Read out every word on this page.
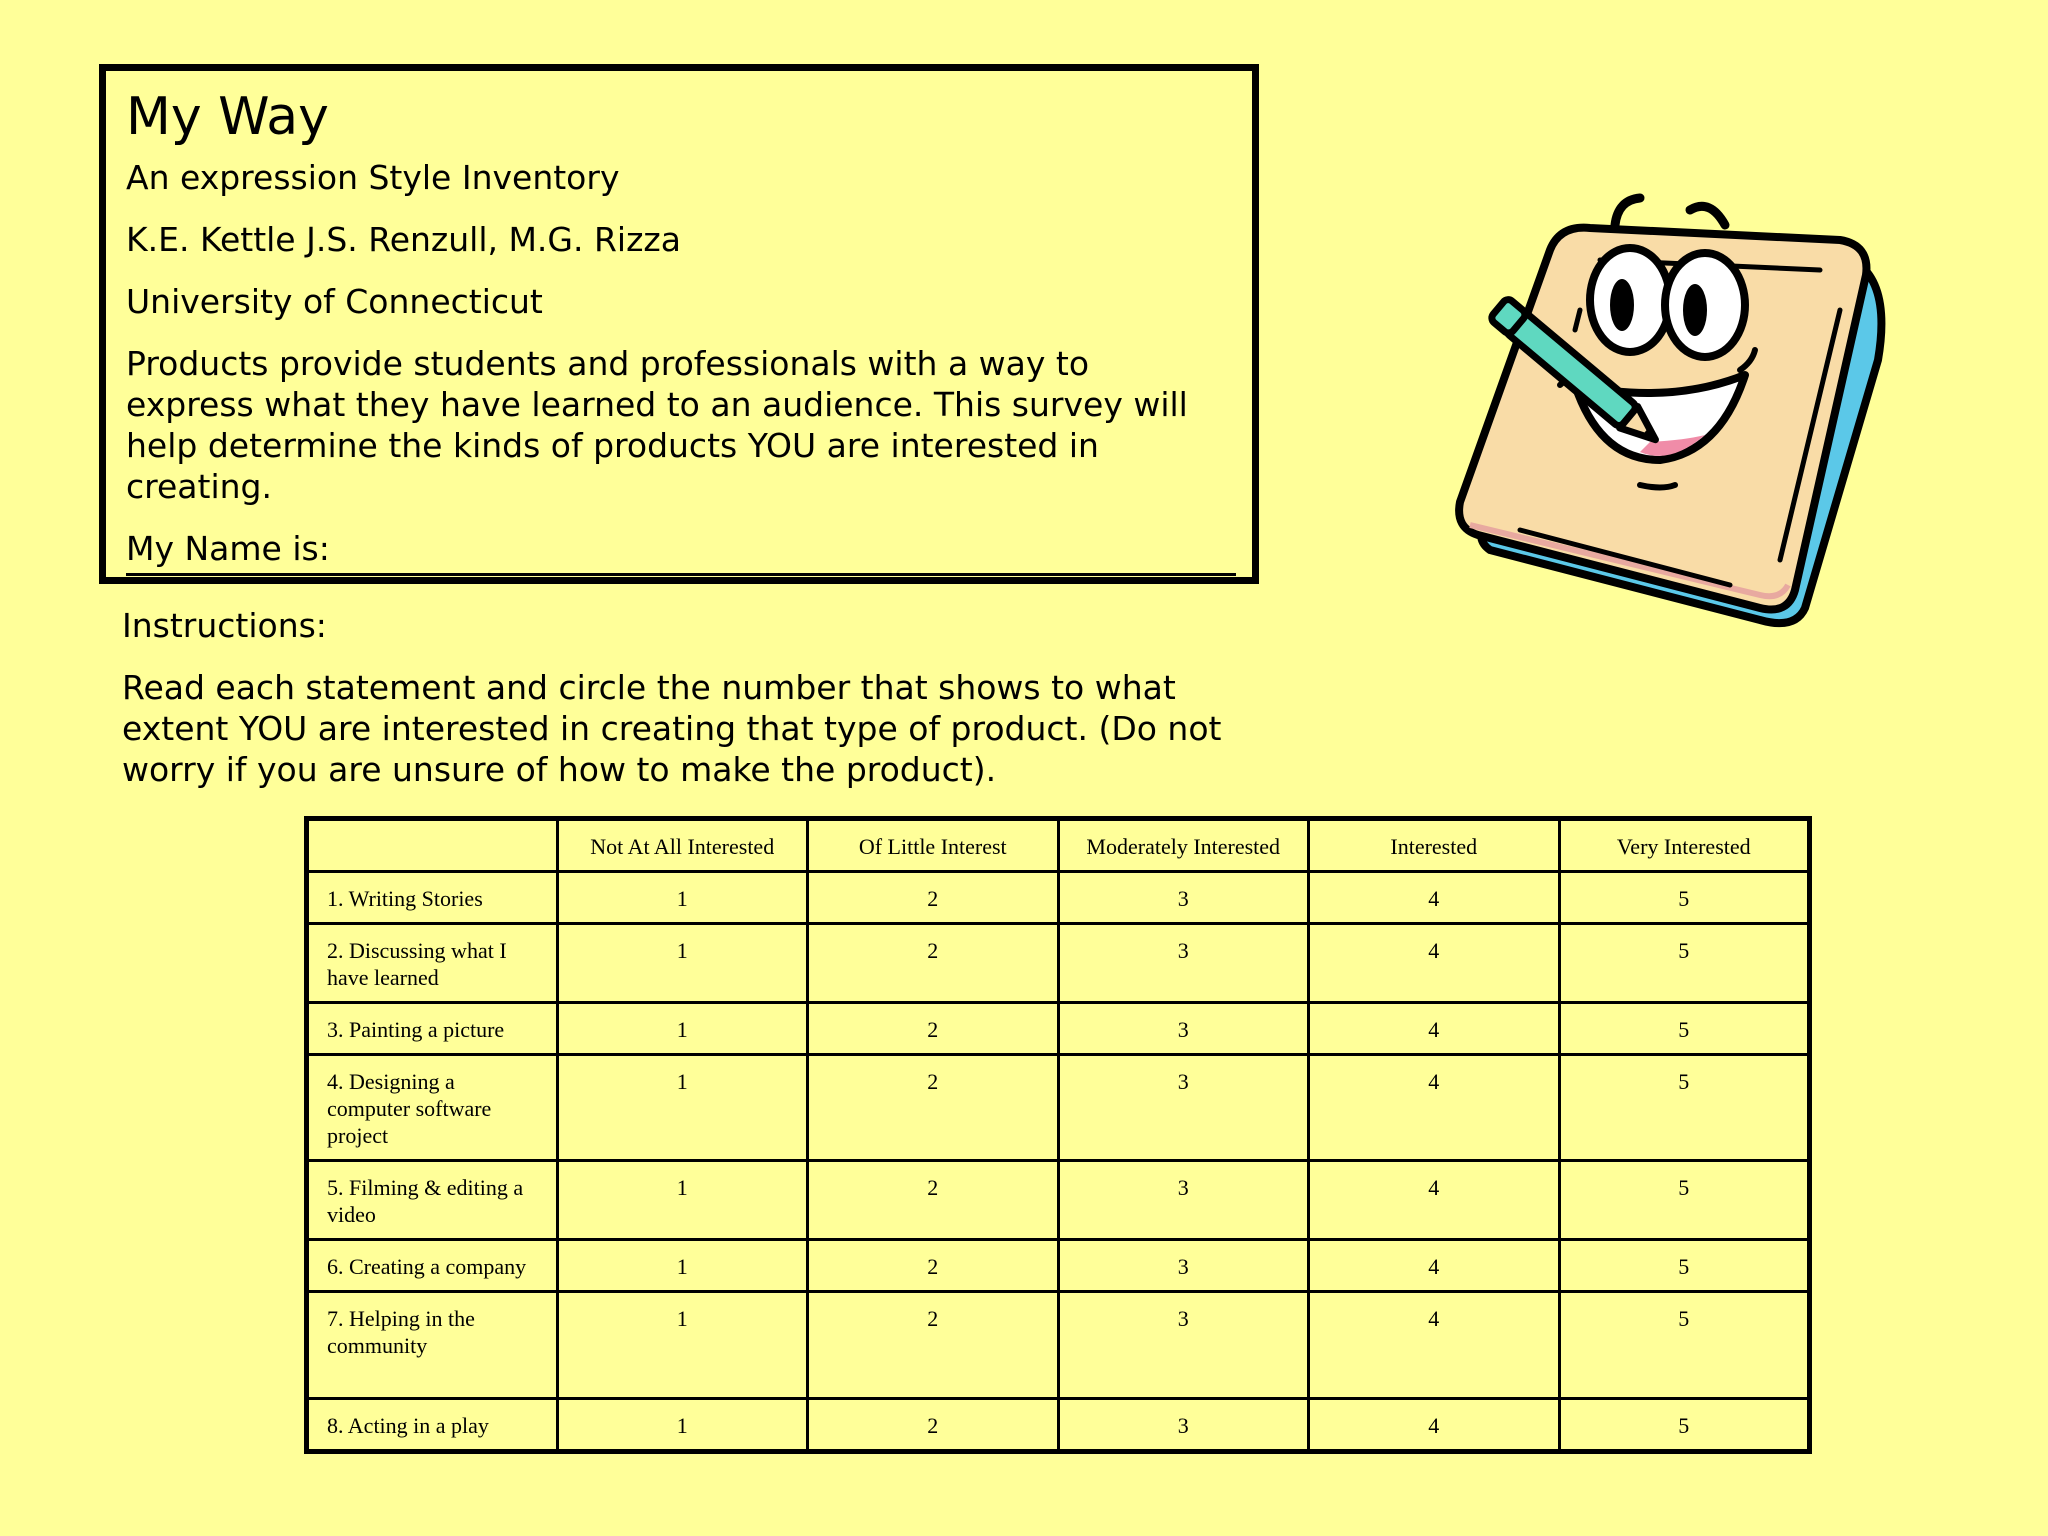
My Way
An expression Style Inventory
K.E. Kettle J.S. Renzull, M.G. Rizza
University of Connecticut
Products provide students and professionals with a way to express what they have learned to an audience. This survey will help determine the kinds of products YOU are interested in creating.
My Name is:
Instructions:
Read each statement and circle the number that shows to what extent YOU are interested in creating that type of product. (Do not worry if you are unsure of how to make the product).
	Not At All Interested	Of Little Interest	Moderately Interested	Interested	Very Interested
1. Writing Stories	1	2	3	4	5
2. Discussing what I have learned	1	2	3	4	5
3. Painting a picture	1	2	3	4	5
4. Designing a computer software project	1	2	3	4	5
5. Filming & editing a video	1	2	3	4	5
6. Creating a company	1	2	3	4	5
7. Helping in the community	1	2	3	4	5
8. Acting in a play	1	2	3	4	5
